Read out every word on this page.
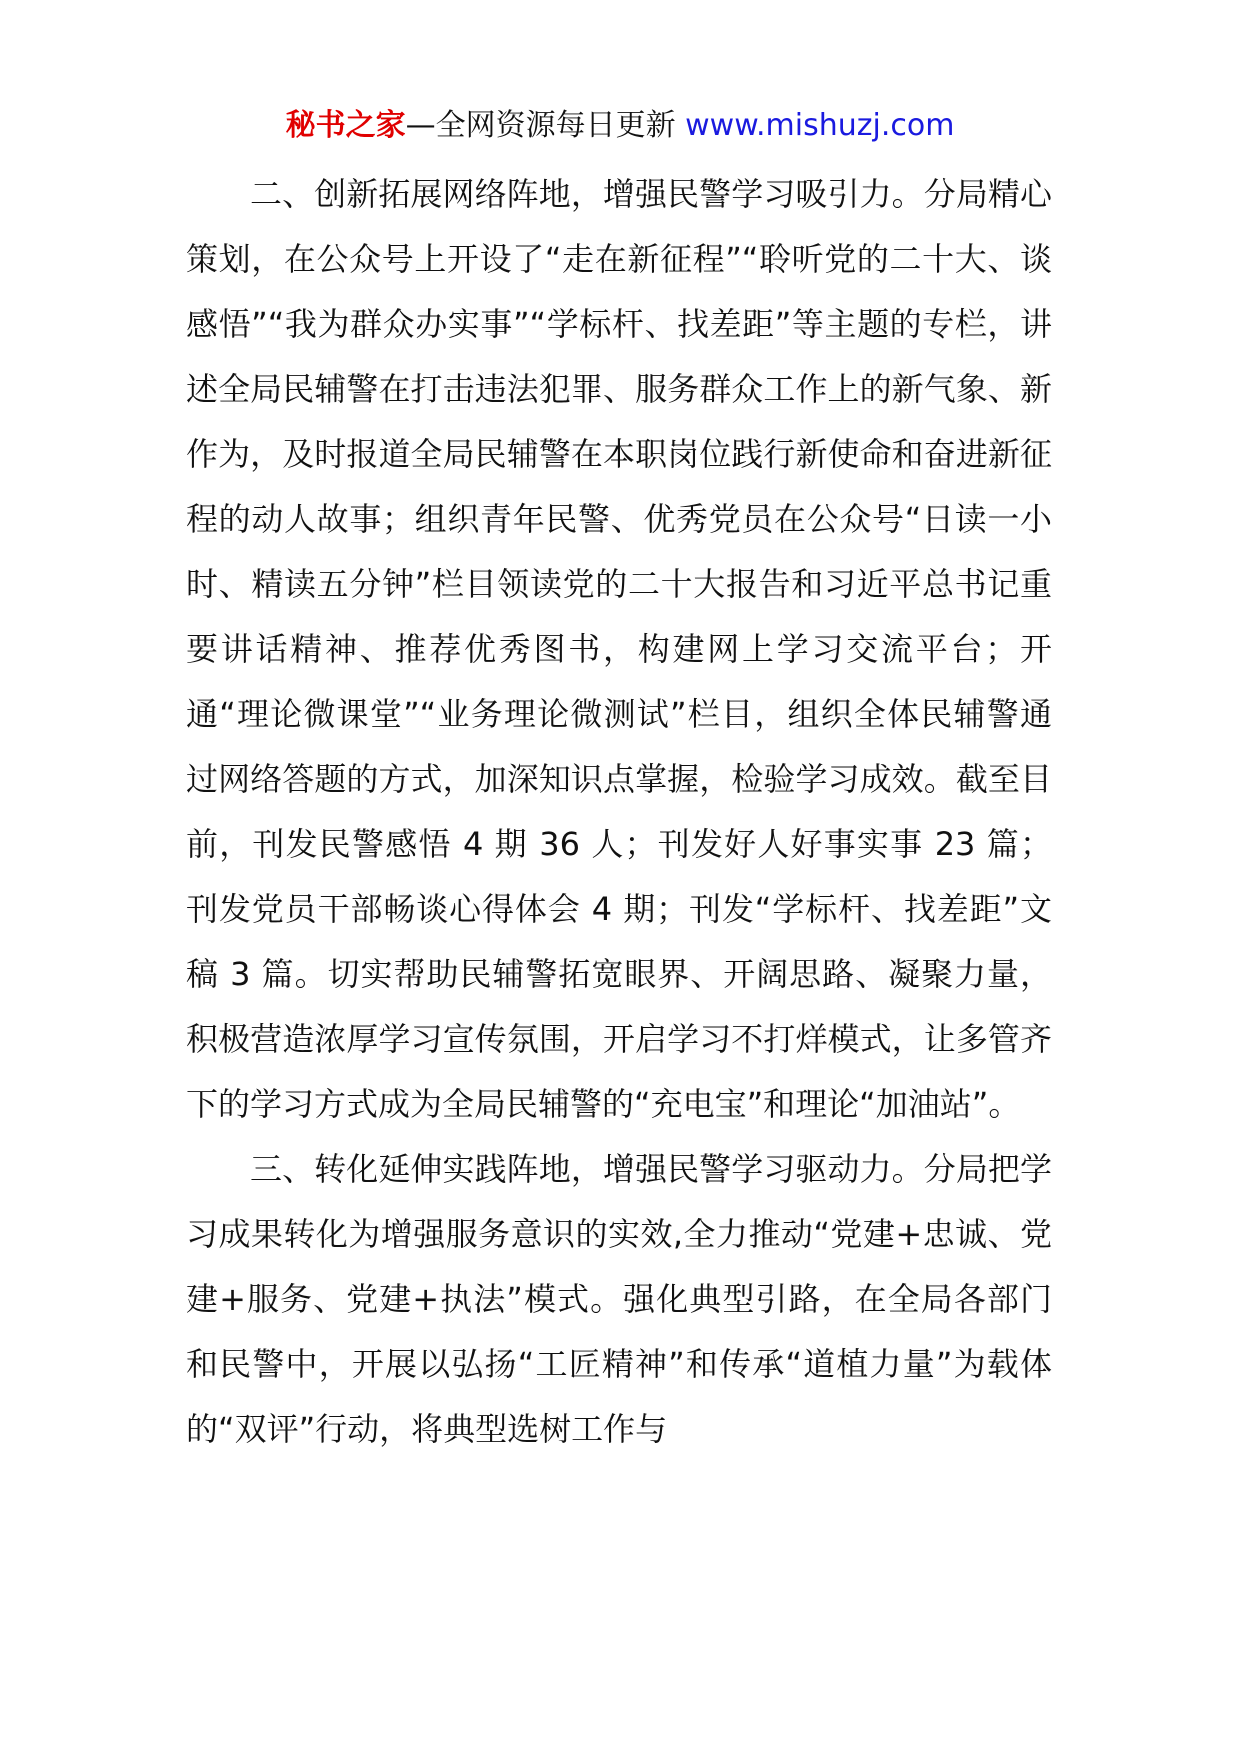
秘书之家—全网资源每日更新 www.mishuzj.com

二、创新拓展网络阵地，增强民警学习吸引力。分局精心策划，在公众号上开设了“走在新征程”“聆听党的二十大、谈感悟”“我为群众办实事”“学标杆、找差距”等主题的专栏，讲述全局民辅警在打击违法犯罪、服务群众工作上的新气象、新作为，及时报道全局民辅警在本职岗位践行新使命和奋进新征程的动人故事；组织青年民警、优秀党员在公众号“日读一小时、精读五分钟”栏目领读党的二十大报告和习近平总书记重要讲话精神、推荐优秀图书，构建网上学习交流平台；开通“理论微课堂”“业务理论微测试”栏目，组织全体民辅警通过网络答题的方式，加深知识点掌握，检验学习成效。截至目前，刊发民警感悟 4 期 36 人；刊发好人好事实事 23 篇；刊发党员干部畅谈心得体会 4 期；刊发“学标杆、找差距”文稿 3 篇。切实帮助民辅警拓宽眼界、开阔思路、凝聚力量，积极营造浓厚学习宣传氛围，开启学习不打烊模式，让多管齐下的学习方式成为全局民辅警的“充电宝”和理论“加油站”。

三、转化延伸实践阵地，增强民警学习驱动力。分局把学习成果转化为增强服务意识的实效,全力推动“党建+忠诚、党建+服务、党建+执法”模式。强化典型引路，在全局各部门和民警中，开展以弘扬“工匠精神”和传承“道植力量”为载体的“双评”行动，将典型选树工作与
